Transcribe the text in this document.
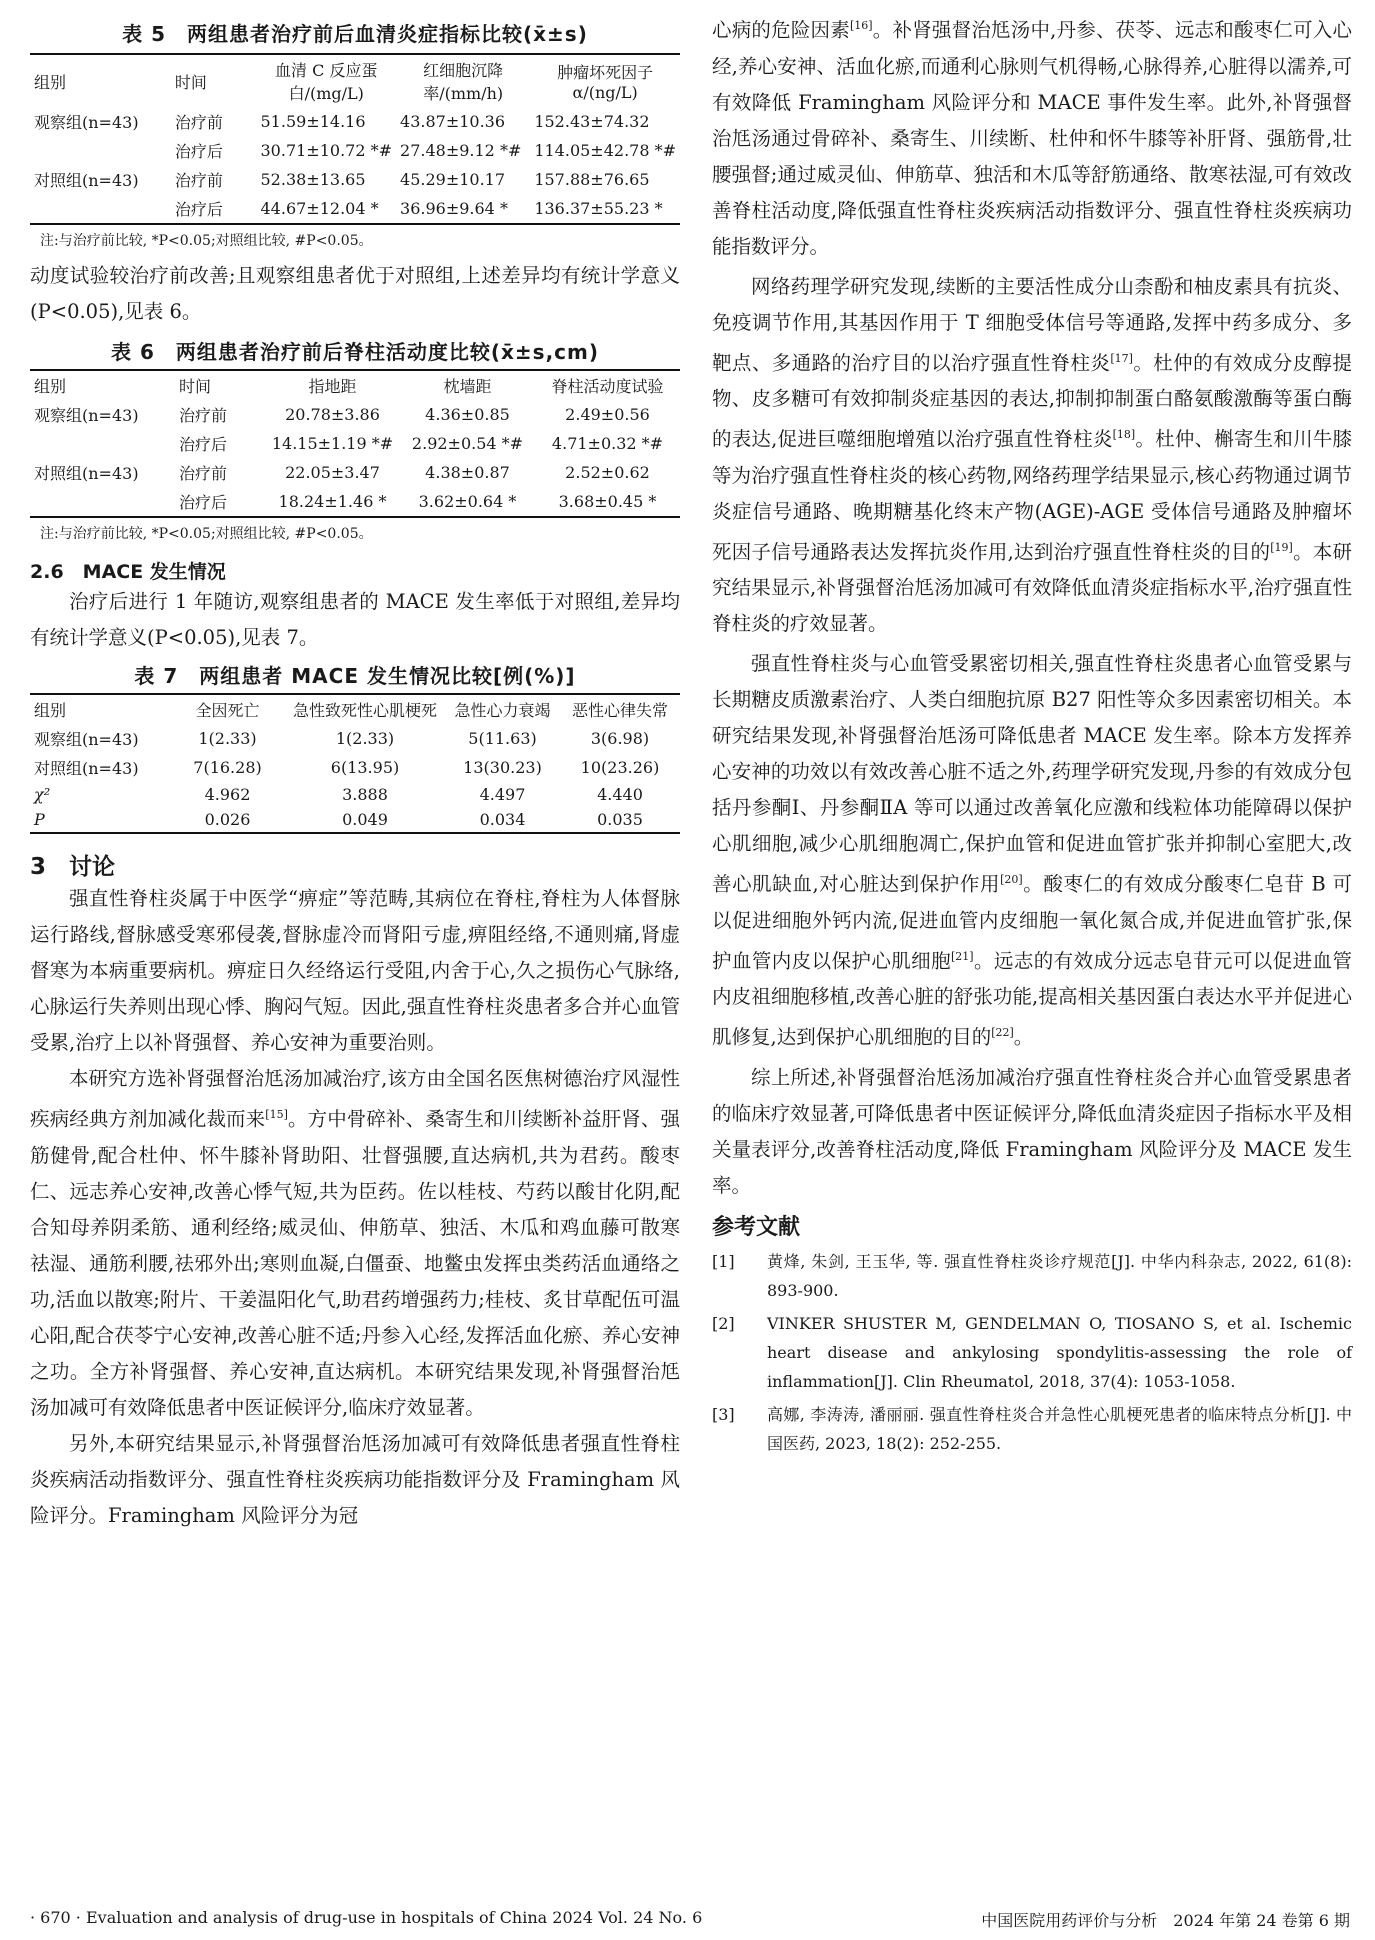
表 5　两组患者治疗前后血清炎症指标比较(x̄±s)
组别	时间	血清 C 反应蛋白/(mg/L)	红细胞沉降率/(mm/h)	肿瘤坏死因子 α/(ng/L)

观察组(n=43)	治疗前	51.59±14.16	43.87±10.36	152.43±74.32
	治疗后	30.71±10.72 *#	27.48±9.12 *#	114.05±42.78 *#
对照组(n=43)	治疗前	52.38±13.65	45.29±10.17	157.88±76.65
	治疗后	44.67±12.04 *	36.96±9.64 *	136.37±55.23 *
注:与治疗前比较, *P<0.05;对照组比较, #P<0.05。

动度试验较治疗前改善;且观察组患者优于对照组,上述差异均有统计学意义(P<0.05),见表 6。

表 6　两组患者治疗前后脊柱活动度比较(x̄±s,cm)
组别	时间	指地距	枕墙距	脊柱活动度试验

观察组(n=43)	治疗前	20.78±3.86	4.36±0.85	2.49±0.56
	治疗后	14.15±1.19 *#	2.92±0.54 *#	4.71±0.32 *#
对照组(n=43)	治疗前	22.05±3.47	4.38±0.87	2.52±0.62
	治疗后	18.24±1.46 *	3.62±0.64 *	3.68±0.45 *
注:与治疗前比较, *P<0.05;对照组比较, #P<0.05。
2.6　MACE 发生情况

治疗后进行 1 年随访,观察组患者的 MACE 发生率低于对照组,差异均有统计学意义(P<0.05),见表 7。

表 7　两组患者 MACE 发生情况比较[例(%)]
组别	全因死亡	急性致死性心肌梗死	急性心力衰竭	恶性心律失常

观察组(n=43)	1(2.33)	1(2.33)	5(11.63)	3(6.98)
对照组(n=43)	7(16.28)	6(13.95)	13(30.23)	10(23.26)
χ²	4.962	3.888	4.497	4.440
P	0.026	0.049	0.034	0.035
3　讨论

强直性脊柱炎属于中医学“痹症”等范畴,其病位在脊柱,脊柱为人体督脉运行路线,督脉感受寒邪侵袭,督脉虚冷而肾阳亏虚,痹阻经络,不通则痛,肾虚督寒为本病重要病机。痹症日久经络运行受阻,内舍于心,久之损伤心气脉络,心脉运行失养则出现心悸、胸闷气短。因此,强直性脊柱炎患者多合并心血管受累,治疗上以补肾强督、养心安神为重要治则。

本研究方选补肾强督治尪汤加减治疗,该方由全国名医焦树德治疗风湿性疾病经典方剂加减化裁而来[15]。方中骨碎补、桑寄生和川续断补益肝肾、强筋健骨,配合杜仲、怀牛膝补肾助阳、壮督强腰,直达病机,共为君药。酸枣仁、远志养心安神,改善心悸气短,共为臣药。佐以桂枝、芍药以酸甘化阴,配合知母养阴柔筋、通利经络;威灵仙、伸筋草、独活、木瓜和鸡血藤可散寒祛湿、通筋利腰,祛邪外出;寒则血凝,白僵蚕、地鳖虫发挥虫类药活血通络之功,活血以散寒;附片、干姜温阳化气,助君药增强药力;桂枝、炙甘草配伍可温心阳,配合茯苓宁心安神,改善心脏不适;丹参入心经,发挥活血化瘀、养心安神之功。全方补肾强督、养心安神,直达病机。本研究结果发现,补肾强督治尪汤加减可有效降低患者中医证候评分,临床疗效显著。

另外,本研究结果显示,补肾强督治尪汤加减可有效降低患者强直性脊柱炎疾病活动指数评分、强直性脊柱炎疾病功能指数评分及 Framingham 风险评分。Framingham 风险评分为冠

心病的危险因素[16]。补肾强督治尪汤中,丹参、茯苓、远志和酸枣仁可入心经,养心安神、活血化瘀,而通利心脉则气机得畅,心脉得养,心脏得以濡养,可有效降低 Framingham 风险评分和 MACE 事件发生率。此外,补肾强督治尪汤通过骨碎补、桑寄生、川续断、杜仲和怀牛膝等补肝肾、强筋骨,壮腰强督;通过威灵仙、伸筋草、独活和木瓜等舒筋通络、散寒祛湿,可有效改善脊柱活动度,降低强直性脊柱炎疾病活动指数评分、强直性脊柱炎疾病功能指数评分。

网络药理学研究发现,续断的主要活性成分山柰酚和柚皮素具有抗炎、免疫调节作用,其基因作用于 T 细胞受体信号等通路,发挥中药多成分、多靶点、多通路的治疗目的以治疗强直性脊柱炎[17]。杜仲的有效成分皮醇提物、皮多糖可有效抑制炎症基因的表达,抑制抑制蛋白酪氨酸激酶等蛋白酶的表达,促进巨噬细胞增殖以治疗强直性脊柱炎[18]。杜仲、槲寄生和川牛膝等为治疗强直性脊柱炎的核心药物,网络药理学结果显示,核心药物通过调节炎症信号通路、晚期糖基化终末产物(AGE)-AGE 受体信号通路及肿瘤坏死因子信号通路表达发挥抗炎作用,达到治疗强直性脊柱炎的目的[19]。本研究结果显示,补肾强督治尪汤加减可有效降低血清炎症指标水平,治疗强直性脊柱炎的疗效显著。

强直性脊柱炎与心血管受累密切相关,强直性脊柱炎患者心血管受累与长期糖皮质激素治疗、人类白细胞抗原 B27 阳性等众多因素密切相关。本研究结果发现,补肾强督治尪汤可降低患者 MACE 发生率。除本方发挥养心安神的功效以有效改善心脏不适之外,药理学研究发现,丹参的有效成分包括丹参酮Ⅰ、丹参酮ⅡA 等可以通过改善氧化应激和线粒体功能障碍以保护心肌细胞,减少心肌细胞凋亡,保护血管和促进血管扩张并抑制心室肥大,改善心肌缺血,对心脏达到保护作用[20]。酸枣仁的有效成分酸枣仁皂苷 B 可以促进细胞外钙内流,促进血管内皮细胞一氧化氮合成,并促进血管扩张,保护血管内皮以保护心肌细胞[21]。远志的有效成分远志皂苷元可以促进血管内皮祖细胞移植,改善心脏的舒张功能,提高相关基因蛋白表达水平并促进心肌修复,达到保护心肌细胞的目的[22]。

综上所述,补肾强督治尪汤加减治疗强直性脊柱炎合并心血管受累患者的临床疗效显著,可降低患者中医证候评分,降低血清炎症因子指标水平及相关量表评分,改善脊柱活动度,降低 Framingham 风险评分及 MACE 发生率。

参考文献
[1]	黄烽, 朱剑, 王玉华, 等. 强直性脊柱炎诊疗规范[J]. 中华内科杂志, 2022, 61(8): 893-900.
[2]	VINKER SHUSTER M, GENDELMAN O, TIOSANO S, et al. Ischemic heart disease and ankylosing spondylitis-assessing the role of inflammation[J]. Clin Rheumatol, 2018, 37(4): 1053-1058.
[3]	高娜, 李涛涛, 潘丽丽. 强直性脊柱炎合并急性心肌梗死患者的临床特点分析[J]. 中国医药, 2023, 18(2): 252-255.
· 670 · Evaluation and analysis of drug-use in hospitals of China 2024 Vol. 24 No. 6	中国医院用药评价与分析　2024 年第 24 卷第 6 期
